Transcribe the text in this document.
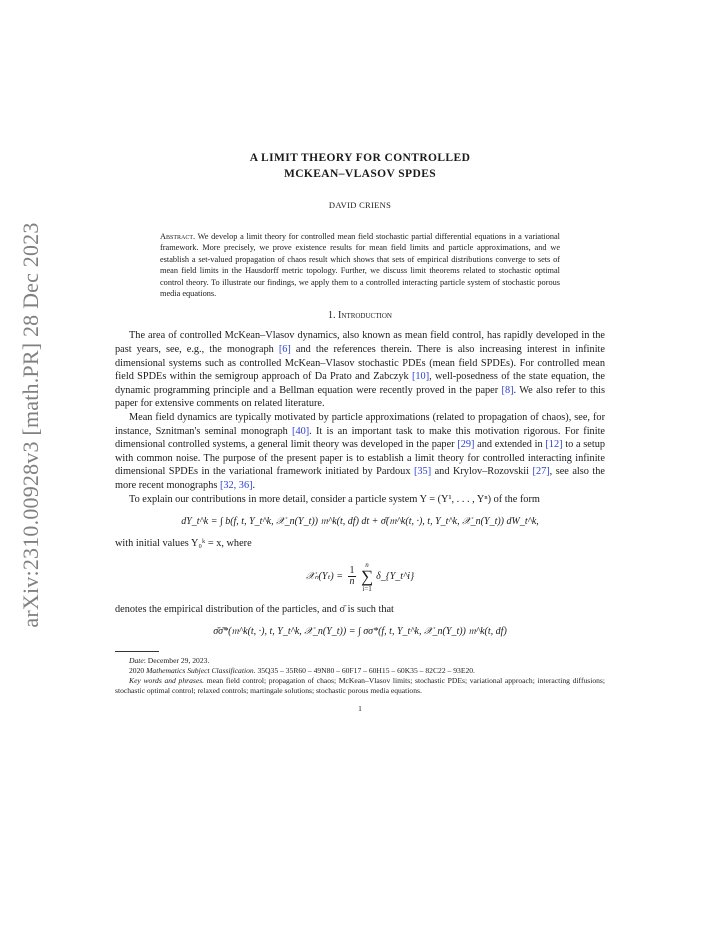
arXiv:2310.00928v3 [math.PR] 28 Dec 2023
A LIMIT THEORY FOR CONTROLLED
MCKEAN–VLASOV SPDES
DAVID CRIENS
Abstract. We develop a limit theory for controlled mean field stochastic partial differential equations in a variational framework. More precisely, we prove existence results for mean field limits and particle approximations, and we establish a set-valued propagation of chaos result which shows that sets of empirical distributions converge to sets of mean field limits in the Hausdorff metric topology. Further, we discuss limit theorems related to stochastic optimal control theory. To illustrate our findings, we apply them to a controlled interacting particle system of stochastic porous media equations.
1. Introduction

The area of controlled McKean–Vlasov dynamics, also known as mean field control, has rapidly developed in the past years, see, e.g., the monograph [6] and the references therein. There is also increasing interest in infinite dimensional systems such as controlled McKean–Vlasov stochastic PDEs (mean field SPDEs). For controlled mean field SPDEs within the semigroup approach of Da Prato and Zabczyk [10], well-posedness of the state equation, the dynamic programming principle and a Bellman equation were recently proved in the paper [8]. We also refer to this paper for extensive comments on related literature.

Mean field dynamics are typically motivated by particle approximations (related to propagation of chaos), see, for instance, Sznitman's seminal monograph [40]. It is an important task to make this motivation rigorous. For finite dimensional controlled systems, a general limit theory was developed in the paper [29] and extended in [12] to a setup with common noise. The purpose of the present paper is to establish a limit theory for controlled interacting infinite dimensional SPDEs in the variational framework initiated by Pardoux [35] and Krylov–Rozovskii [27], see also the more recent monographs [32, 36].

To explain our contributions in more detail, consider a particle system Y = (Y¹, . . . , Yⁿ) of the form

dY_t^k = ∫ b(f, t, Y_t^k, 𝒳_n(Y_t)) 𝔪^k(t, df) dt + σ̄(𝔪^k(t, ·), t, Y_t^k, 𝒳_n(Y_t)) dW_t^k,

with initial values Y₀ᵏ = x, where

𝒳ₙ(Yₜ) = $\frac{1}{n}$
n
∑
i=1
δ_{Y_t^i}

denotes the empirical distribution of the particles, and σ̄ is such that

σ̄σ̄*(𝔪^k(t, ·), t, Y_t^k, 𝒳_n(Y_t)) = ∫ σσ*(f, t, Y_t^k, 𝒳_n(Y_t)) 𝔪^k(t, df)
Date: December 29, 2023.
2020 Mathematics Subject Classification. 35Q35 – 35R60 – 49N80 – 60F17 – 60H15 – 60K35 – 82C22 – 93E20.
Key words and phrases. mean field control; propagation of chaos; McKean–Vlasov limits; stochastic PDEs; variational approach; interacting diffusions; stochastic optimal control; relaxed controls; martingale solutions; stochastic porous media equations.
1
